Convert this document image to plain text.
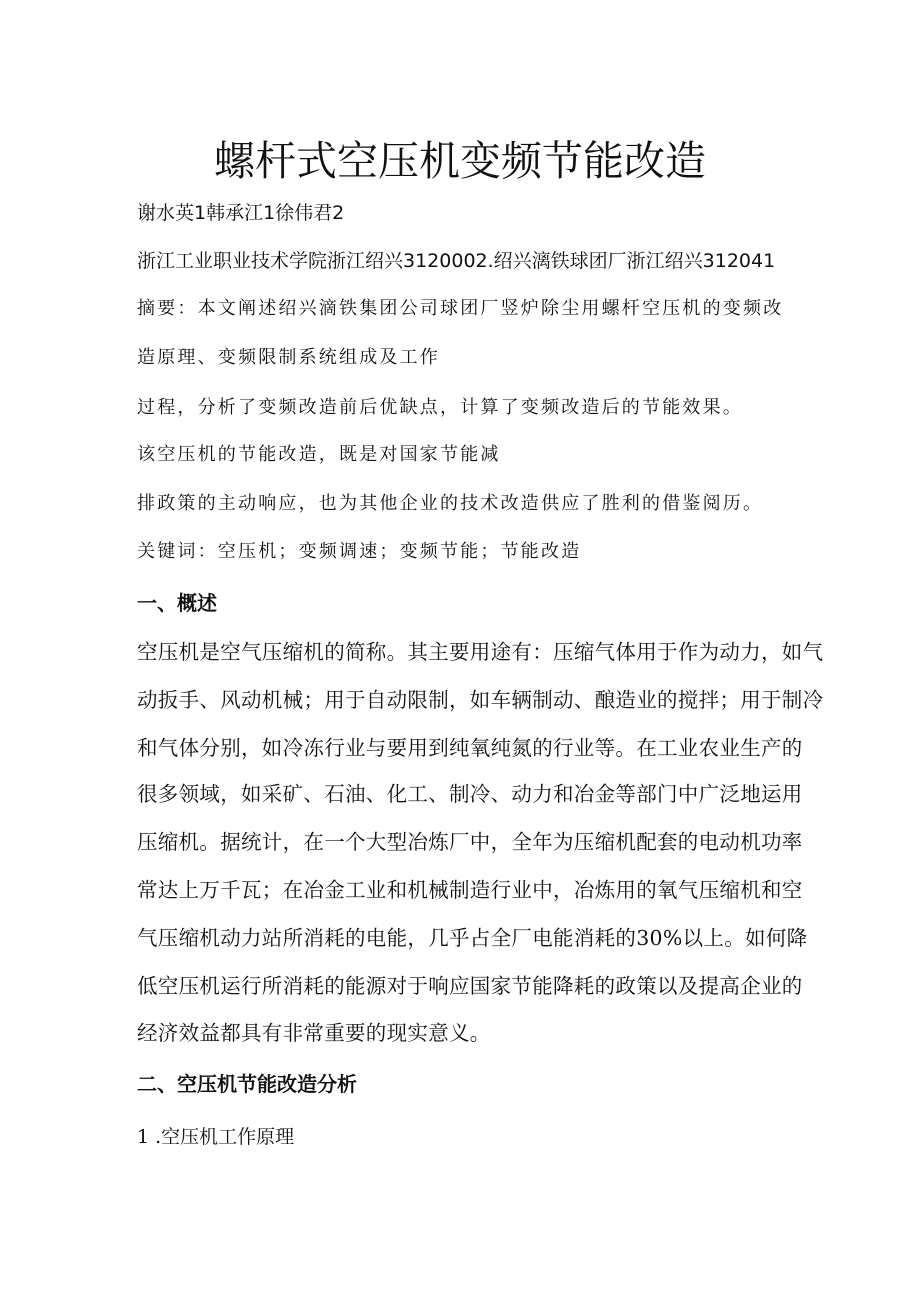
螺杆式空压机变频节能改造

谢水英1韩承江1徐伟君2

浙江工业职业技术学院浙江绍兴3120002.绍兴漓铁球团厂浙江绍兴312041

摘要：本文阐述绍兴滴铁集团公司球团厂竖炉除尘用螺杆空压机的变频改

造原理、变频限制系统组成及工作

过程，分析了变频改造前后优缺点，计算了变频改造后的节能效果。

该空压机的节能改造，既是对国家节能减

排政策的主动响应，也为其他企业的技术改造供应了胜利的借鉴阅历。

关键词：空压机；变频调速；变频节能；节能改造

一、概述

空压机是空气压缩机的简称。其主要用途有：压缩气体用于作为动力，如气

动扳手、风动机械；用于自动限制，如车辆制动、酿造业的搅拌；用于制冷

和气体分别，如冷冻行业与要用到纯氧纯氮的行业等。在工业农业生产的

很多领域，如采矿、石油、化工、制冷、动力和冶金等部门中广泛地运用

压缩机。据统计，在一个大型冶炼厂中，全年为压缩机配套的电动机功率

常达上万千瓦；在冶金工业和机械制造行业中，冶炼用的氧气压缩机和空

气压缩机动力站所消耗的电能，几乎占全厂电能消耗的30%以上。如何降

低空压机运行所消耗的能源对于响应国家节能降耗的政策以及提高企业的

经济效益都具有非常重要的现实意义。

二、空压机节能改造分析

1 .空压机工作原理
